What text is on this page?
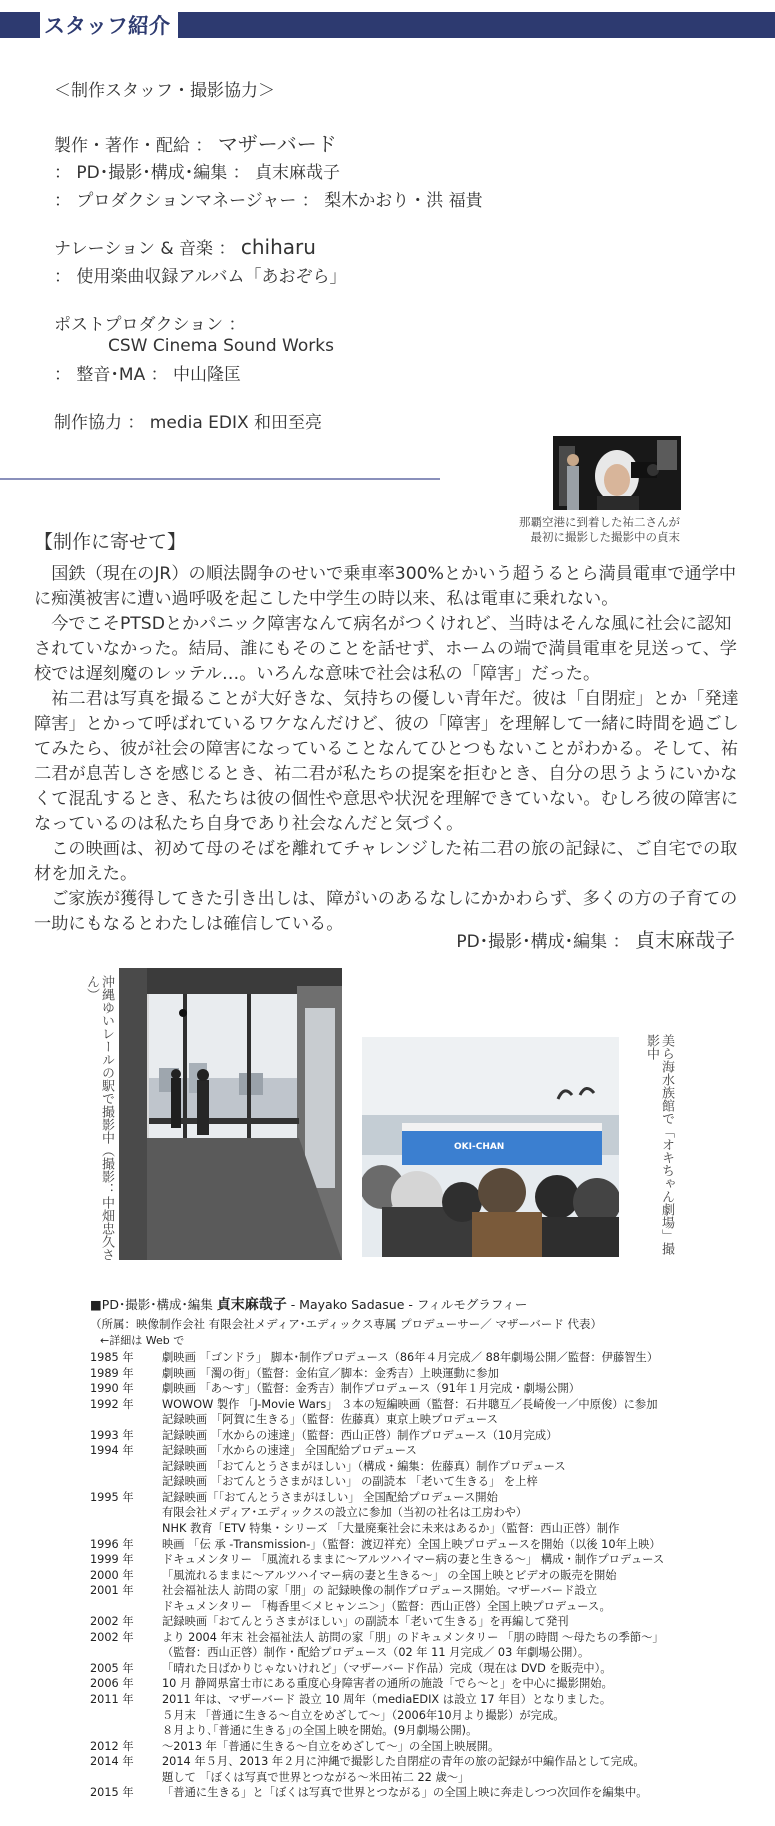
スタッフ紹介
＜制作スタッフ・撮影協力＞
製作・著作・配給 ： マザーバード
： PD･撮影･構成･編集 ： 貞末麻哉子
： プロダクションマネージャー ： 梨木かおり・洪 福貴
ナレーション & 音楽 ： chiharu
： 使用楽曲収録アルバム「あおぞら」
ポストプロダクション ：
CSW Cinema Sound Works
： 整音･MA ： 中山隆匡
制作協力 ： media EDIX 和田至亮
那覇空港に到着した祐二さんが
最初に撮影した撮影中の貞末
【制作に寄せて】

国鉄（現在のJR）の順法闘争のせいで乗車率300%とかいう超うるとら満員電車で通学中に痴漢被害に遭い過呼吸を起こした中学生の時以来、私は電車に乗れない。

今でこそPTSDとかパニック障害なんて病名がつくけれど、当時はそんな風に社会に認知されていなかった。結局、誰にもそのことを話せず、ホームの端で満員電車を見送って、学校では遅刻魔のレッテル…。いろんな意味で社会は私の「障害」だった。

祐二君は写真を撮ることが大好きな、気持ちの優しい青年だ。彼は「自閉症」とか「発達障害」とかって呼ばれているワケなんだけど、彼の「障害」を理解して一緒に時間を過ごしてみたら、彼が社会の障害になっていることなんてひとつもないことがわかる。そして、祐二君が息苦しさを感じるとき、祐二君が私たちの提案を拒むとき、自分の思うようにいかなくて混乱するとき、私たちは彼の個性や意思や状況を理解できていない。むしろ彼の障害になっているのは私たち自身であり社会なんだと気づく。

この映画は、初めて母のそばを離れてチャレンジした祐二君の旅の記録に、ご自宅での取材を加えた。

ご家族が獲得してきた引き出しは、障がいのあるなしにかかわらず、多くの方の子育ての一助にもなるとわたしは確信している。

PD･撮影･構成･編集 ： 貞末麻哉子
沖縄ゆいレールの駅で撮影中（撮影：中畑忠久さん）
OKI-CHAN	美ら海水族館で「オキちゃん劇場」撮影中
■PD･撮影･構成･編集 貞末麻哉子 - Mayako Sadasue - フィルモグラフィー
（所属：映像制作会社 有限会社メディア･エディックス専属 プロデューサー／ マザーバード 代表）
←詳細は Web で
1985 年	劇映画 「ゴンドラ」 脚本･制作プロデュース（86年４月完成／ 88年劇場公開／監督：伊藤智生）
1989 年	劇映画 「濁の街」（監督：金佑宣／脚本：金秀吉）上映運動に参加
1990 年	劇映画 「あ～す」（監督：金秀吉）制作プロデュース（91年１月完成・劇場公開）
1992 年	WOWOW 製作 「J-Movie Wars」 ３本の短編映画（監督：石井聰互／長崎俊一／中原俊）に参加
記録映画 「阿賀に生きる」（監督：佐藤真）東京上映プロデュース
1993 年	記録映画 「水からの速達」（監督：西山正啓）制作プロデュース（10月完成）
1994 年	記録映画 「水からの速達」 全国配給プロデュース
記録映画 「おてんとうさまがほしい」（構成・編集：佐藤真）制作プロデュース
記録映画 「おてんとうさまがほしい」 の副読本 「老いて生きる」 を上梓
1995 年	記録映画「「おてんとうさまがほしい」 全国配給プロデュース開始
有限会社メディア･エディックスの設立に参加（当初の社名は工房わや）
NHK 教育「ETV 特集・シリーズ 「大量廃棄社会に未来はあるか」（監督：西山正啓）制作
1996 年	映画 「伝 承 -Transmission-」（監督：渡辺祥充）全国上映プロデュースを開始（以後 10年上映）
1999 年	ドキュメンタリー 「風流れるままに～アルツハイマー病の妻と生きる～」 構成・制作プロデュース
2000 年	「風流れるままに～アルツハイマー病の妻と生きる～」 の全国上映とビデオの販売を開始
2001 年	社会福祉法人 訪問の家「朋」の 記録映像の制作プロデュース開始。マザーバード設立
ドキュメンタリー 「梅香里＜メヒャンニ＞」（監督：西山正啓）全国上映プロデュース。
2002 年	記録映画「おてんとうさまがほしい」の副読本「老いて生きる」を再編して発刊
2002 年	より 2004 年末 社会福祉法人 訪問の家「朋」のドキュメンタリー 「朋の時間 ～母たちの季節～」
（監督：西山正啓）制作・配給プロデュース（02 年 11 月完成／ 03 年劇場公開）。
2005 年	「晴れた日ばかりじゃないけれど」（マザーバード作品）完成（現在は DVD を販売中）。
2006 年	10 月 静岡県富士市にある重度心身障害者の通所の施設「でら～と」を中心に撮影開始。
2011 年	2011 年は、マザーバード 設立 10 周年（mediaEDIX は設立 17 年目）となりました。
５月末 「普通に生きる～自立をめざして～」（2006年10月より撮影）が完成。
８月より､｢普通に生きる｣の全国上映を開始。(9月劇場公開)。
2012 年	～2013 年「普通に生きる～自立をめざして～」の全国上映展開。
2014 年	2014 年５月、2013 年２月に沖縄で撮影した自閉症の青年の旅の記録が中編作品として完成。
題して 「ぼくは写真で世界とつながる～米田祐二 22 歳～」
2015 年	「普通に生きる」と「ぼくは写真で世界とつながる」の全国上映に奔走しつつ次回作を編集中。
